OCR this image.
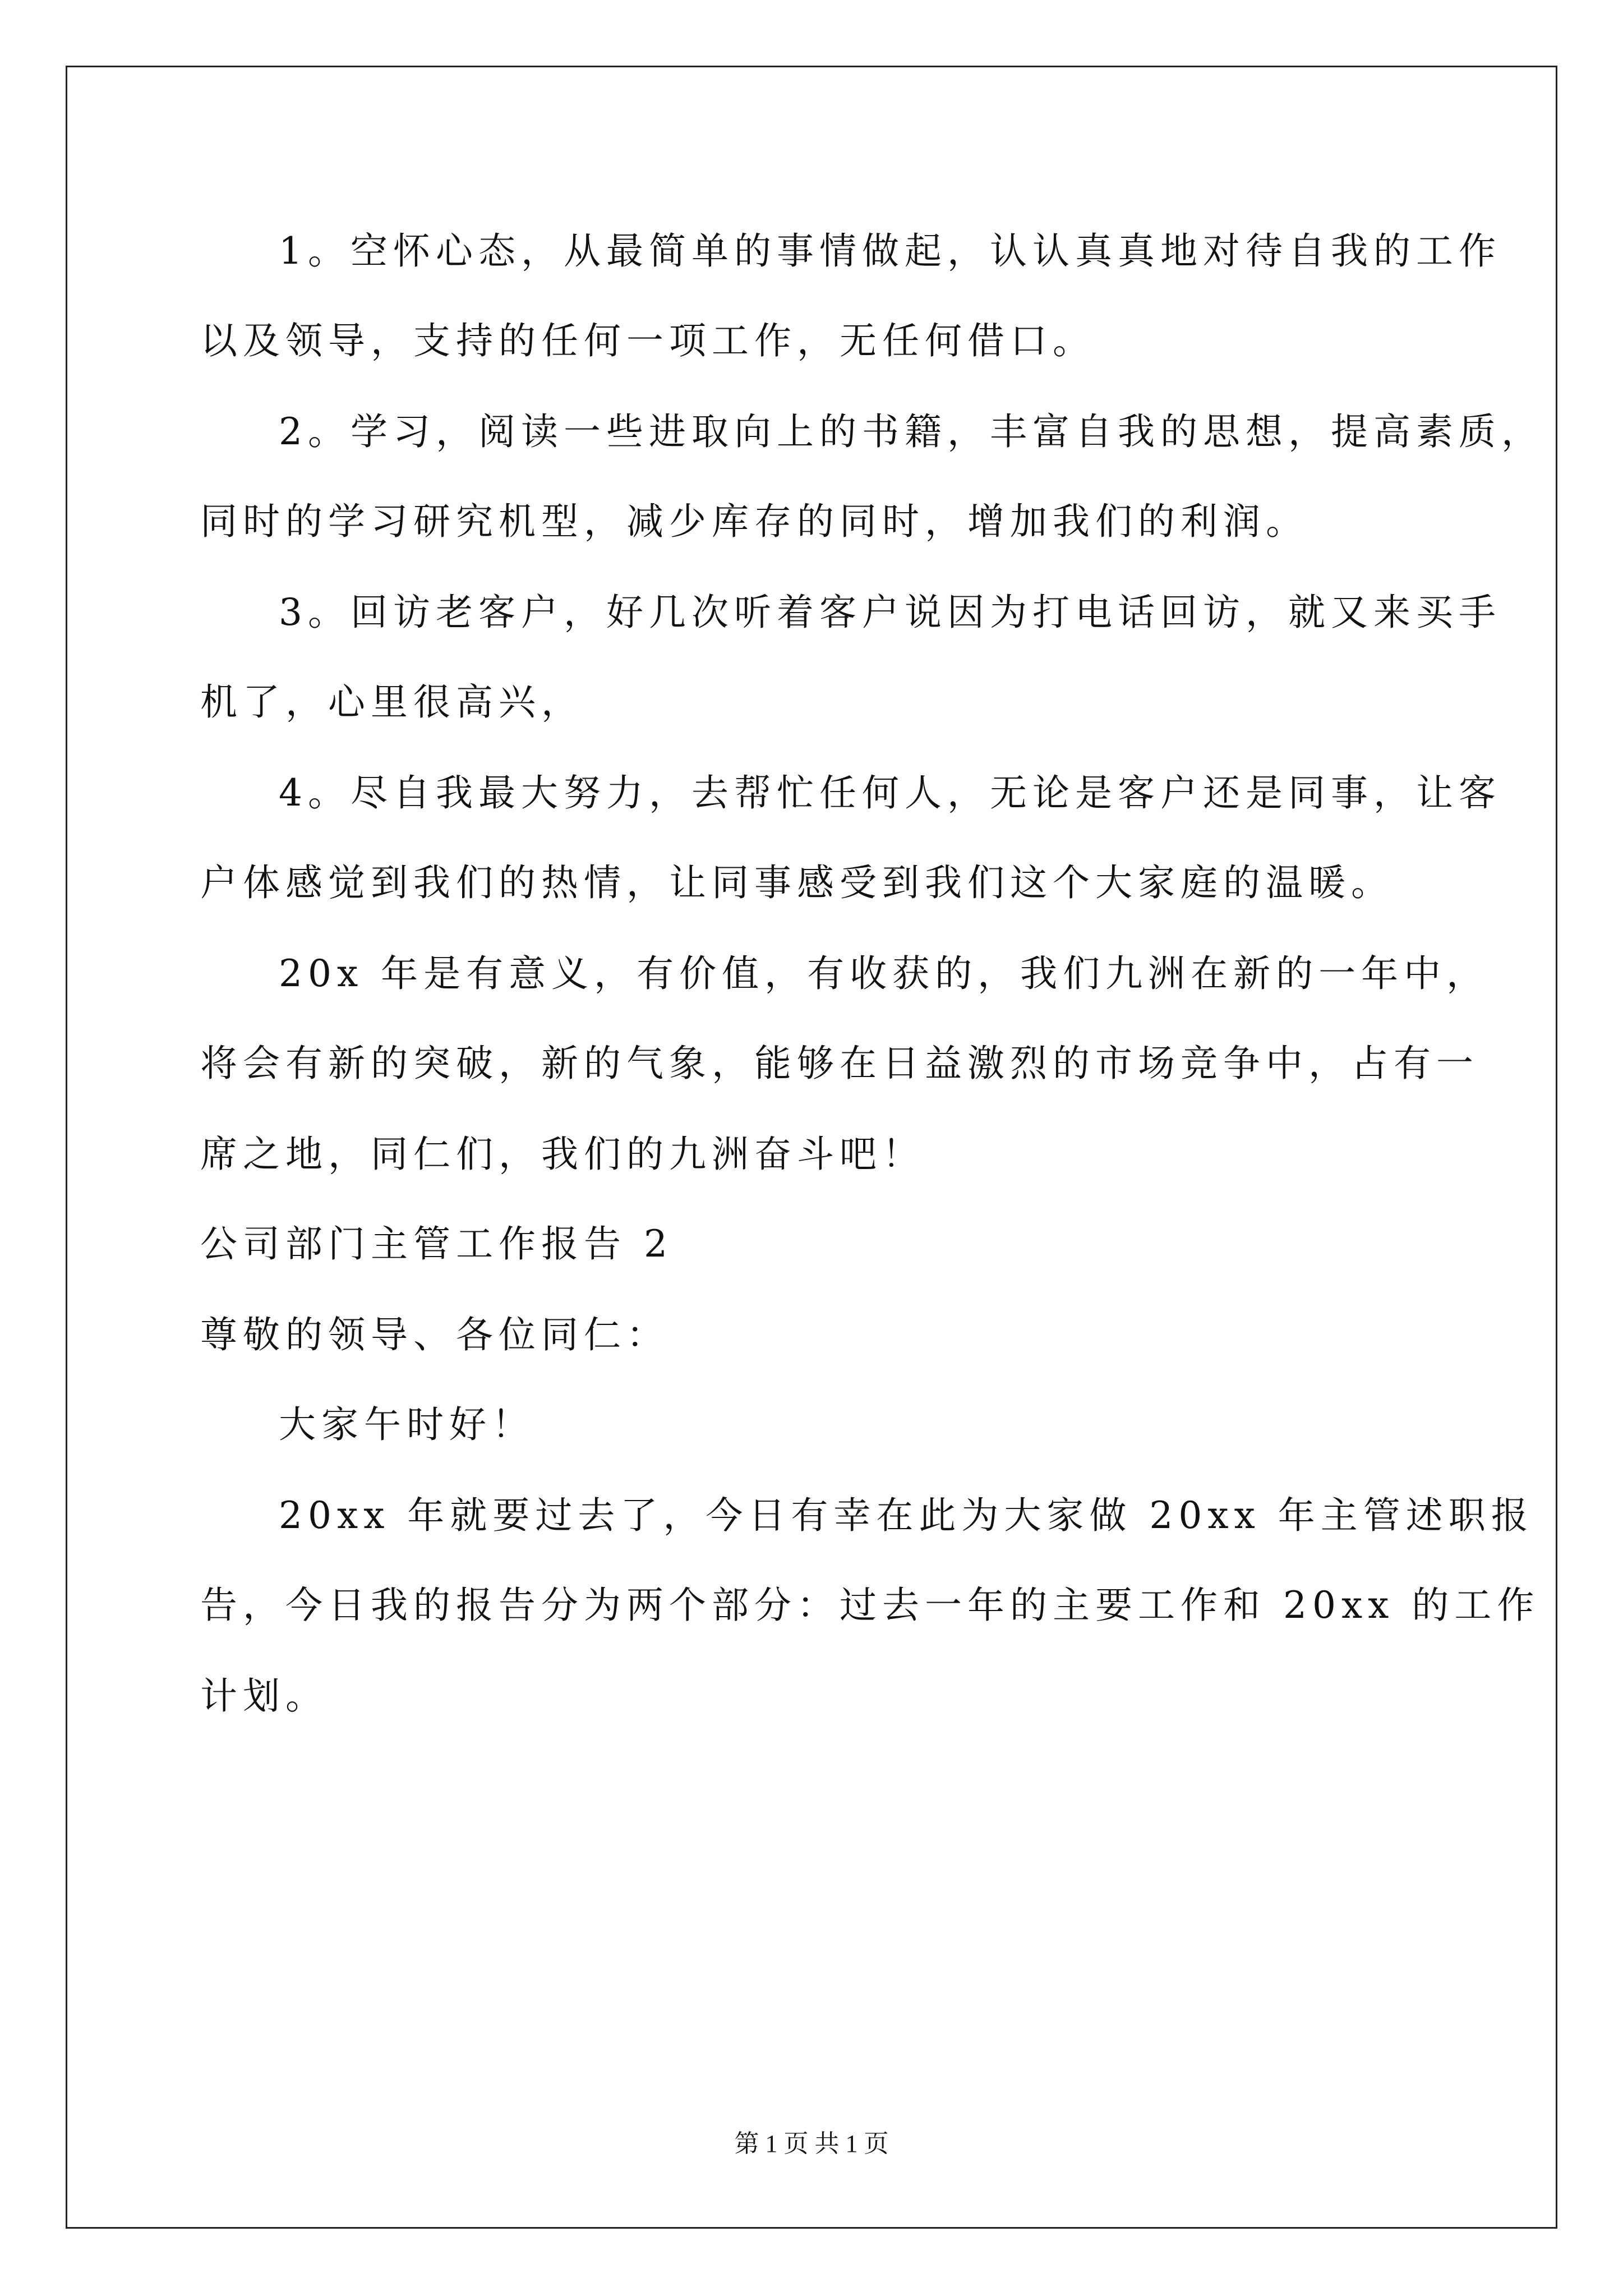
1。空怀心态，从最简单的事情做起，认认真真地对待自我的工作
以及领导，支持的任何一项工作，无任何借口。
2。学习，阅读一些进取向上的书籍，丰富自我的思想，提高素质，
同时的学习研究机型，减少库存的同时，增加我们的利润。
3。回访老客户，好几次听着客户说因为打电话回访，就又来买手
机了，心里很高兴，
4。尽自我最大努力，去帮忙任何人，无论是客户还是同事，让客
户体感觉到我们的热情，让同事感受到我们这个大家庭的温暖。
20x 年是有意义，有价值，有收获的，我们九洲在新的一年中，
将会有新的突破，新的气象，能够在日益激烈的市场竞争中，占有一
席之地，同仁们，我们的九洲奋斗吧！
公司部门主管工作报告 2
尊敬的领导、各位同仁：
大家午时好！
20xx 年就要过去了，今日有幸在此为大家做 20xx 年主管述职报
告，今日我的报告分为两个部分：过去一年的主要工作和 20xx 的工作
计划。
第 1 页 共 1 页
